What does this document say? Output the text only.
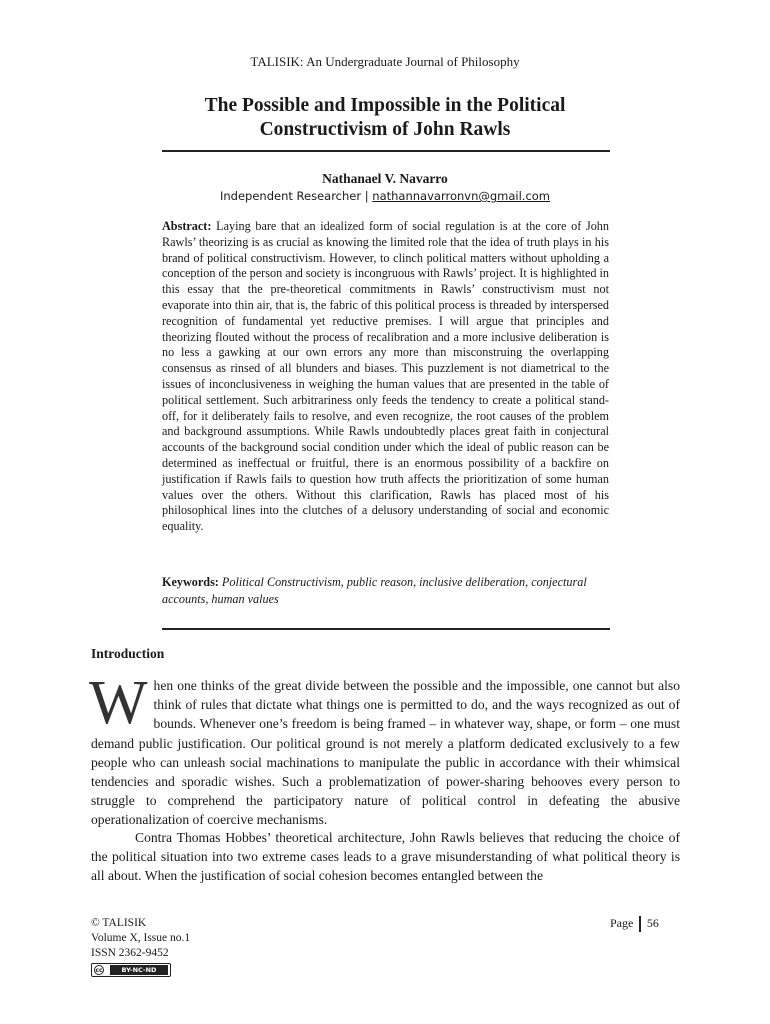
TALISIK: An Undergraduate Journal of Philosophy
The Possible and Impossible in the Political
Constructivism of John Rawls
Nathanael V. Navarro
Independent Researcher | nathannavarronvn@gmail.com

Abstract: Laying bare that an idealized form of social regulation is at the core of John Rawls’ theorizing is as crucial as knowing the limited role that the idea of truth plays in his brand of political constructivism. However, to clinch political matters without upholding a conception of the person and society is incongruous with Rawls’ project. It is highlighted in this essay that the pre-theoretical commitments in Rawls’ constructivism must not evaporate into thin air, that is, the fabric of this political process is threaded by interspersed recognition of fundamental yet reductive premises. I will argue that principles and theorizing flouted without the process of recalibration and a more inclusive deliberation is no less a gawking at our own errors any more than misconstruing the overlapping consensus as rinsed of all blunders and biases. This puzzlement is not diametrical to the issues of inconclusiveness in weighing the human values that are presented in the table of political settlement. Such arbitrariness only feeds the tendency to create a political stand-off, for it deliberately fails to resolve, and even recognize, the root causes of the problem and background assumptions. While Rawls undoubtedly places great faith in conjectural accounts of the background social condition under which the ideal of public reason can be determined as ineffectual or fruitful, there is an enormous possibility of a backfire on justification if Rawls fails to question how truth affects the prioritization of some human values over the others. Without this clarification, Rawls has placed most of his philosophical lines into the clutches of a delusory understanding of social and economic equality.

Keywords: Political Constructivism, public reason, inclusive deliberation, conjectural accounts, human values

Introduction

When one thinks of the great divide between the possible and the impossible, one cannot but also think of rules that dictate what things one is permitted to do, and the ways recognized as out of bounds. Whenever one’s freedom is being framed – in whatever way, shape, or form – one must demand public justification. Our political ground is not merely a platform dedicated exclusively to a few people who can unleash social machinations to manipulate the public in accordance with their whimsical tendencies and sporadic wishes. Such a problematization of power-sharing behooves every person to struggle to comprehend the participatory nature of political control in defeating the abusive operationalization of coercive mechanisms.

Contra Thomas Hobbes’ theoretical architecture, John Rawls believes that reducing the choice of the political situation into two extreme cases leads to a grave misunderstanding of what political theory is all about. When the justification of social cohesion becomes entangled between the

© TALISIK
Volume X, Issue no.1
ISSN 2362-9452
cc	BY-NC-ND
Page 56
